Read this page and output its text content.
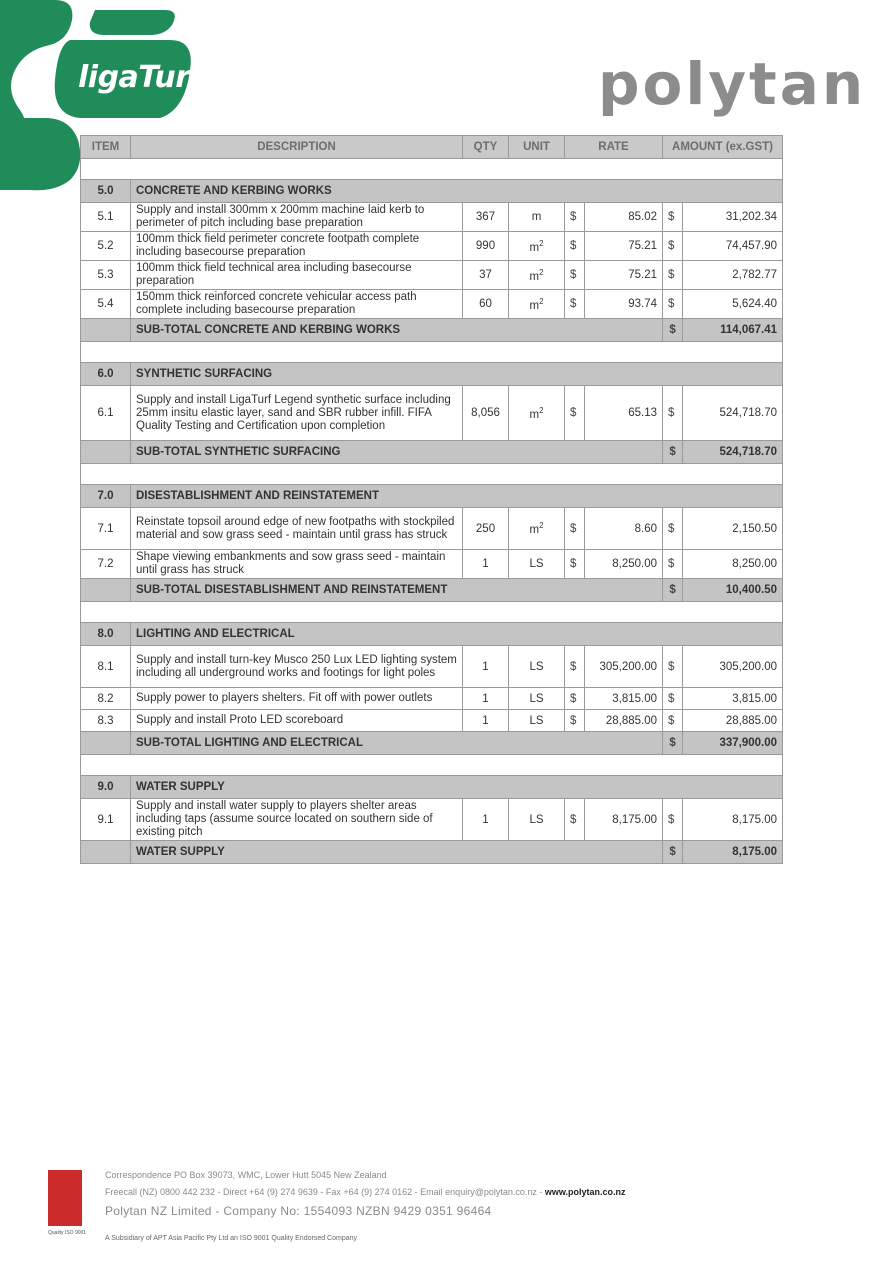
ligaTurf	polytan
ITEM	DESCRIPTION	QTY	UNIT	RATE		AMOUNT (ex.GST)	

5.0	CONCRETE AND KERBING WORKS						
5.1	Supply and install 300mm x 200mm machine laid kerb to perimeter of pitch including base preparation	367	m	$	85.02	$	31,202.34
5.2	100mm thick field perimeter concrete footpath complete including basecourse preparation	990	$m^2$	$	75.21	$	74,457.90
5.3	100mm thick field technical area including basecourse preparation	37	$m^2$	$	75.21	$	2,782.77
5.4	150mm thick reinforced concrete vehicular access path complete including basecourse preparation	60	$m^2$	$	93.74	$	5,624.40
	SUB-TOTAL CONCRETE AND KERBING WORKS					$	114,067.41

6.0	SYNTHETIC SURFACING						
6.1	Supply and install LigaTurf Legend synthetic surface including 25mm insitu elastic layer, sand and SBR rubber infill. FIFA Quality Testing and Certification upon completion	8,056	$m^2$	$	65.13	$	524,718.70
	SUB-TOTAL SYNTHETIC SURFACING					$	524,718.70

7.0	DISESTABLISHMENT AND REINSTATEMENT						
7.1	Reinstate topsoil around edge of new footpaths with stockpiled material and sow grass seed - maintain until grass has struck	250	$m^2$	$	8.60	$	2,150.50
7.2	Shape viewing embankments and sow grass seed - maintain until grass has struck	1	LS	$	8,250.00	$	8,250.00
	SUB-TOTAL DISESTABLISHMENT AND REINSTATEMENT					$	10,400.50

8.0	LIGHTING AND ELECTRICAL						
8.1	Supply and install turn-key Musco 250 Lux LED lighting system including all underground works and footings for light poles	1	LS	$	305,200.00	$	305,200.00
8.2	Supply power to players shelters. Fit off with power outlets	1	LS	$	3,815.00	$	3,815.00
8.3	Supply and install Proto LED scoreboard	1	LS	$	28,885.00	$	28,885.00
	SUB-TOTAL LIGHTING AND ELECTRICAL					$	337,900.00

9.0	WATER SUPPLY						
9.1	Supply and install water supply to players shelter areas including taps (assume source located on southern side of existing pitch	1	LS	$	8,175.00	$	8,175.00
	WATER SUPPLY					$	8,175.00
Quality ISO 9001
Correspondence PO Box 39073, WMC, Lower Hutt 5045 New Zealand
Freecall (NZ) 0800 442 232 - Direct +64 (9) 274 9639 - Fax +64 (9) 274 0162 - Email enquiry@polytan.co.nz - www.polytan.co.nz
Polytan NZ Limited - Company No: 1554093 NZBN 9429 0351 96464
A Subsidiary of APT Asia Pacific Pty Ltd an ISO 9001 Quality Endorsed Company
